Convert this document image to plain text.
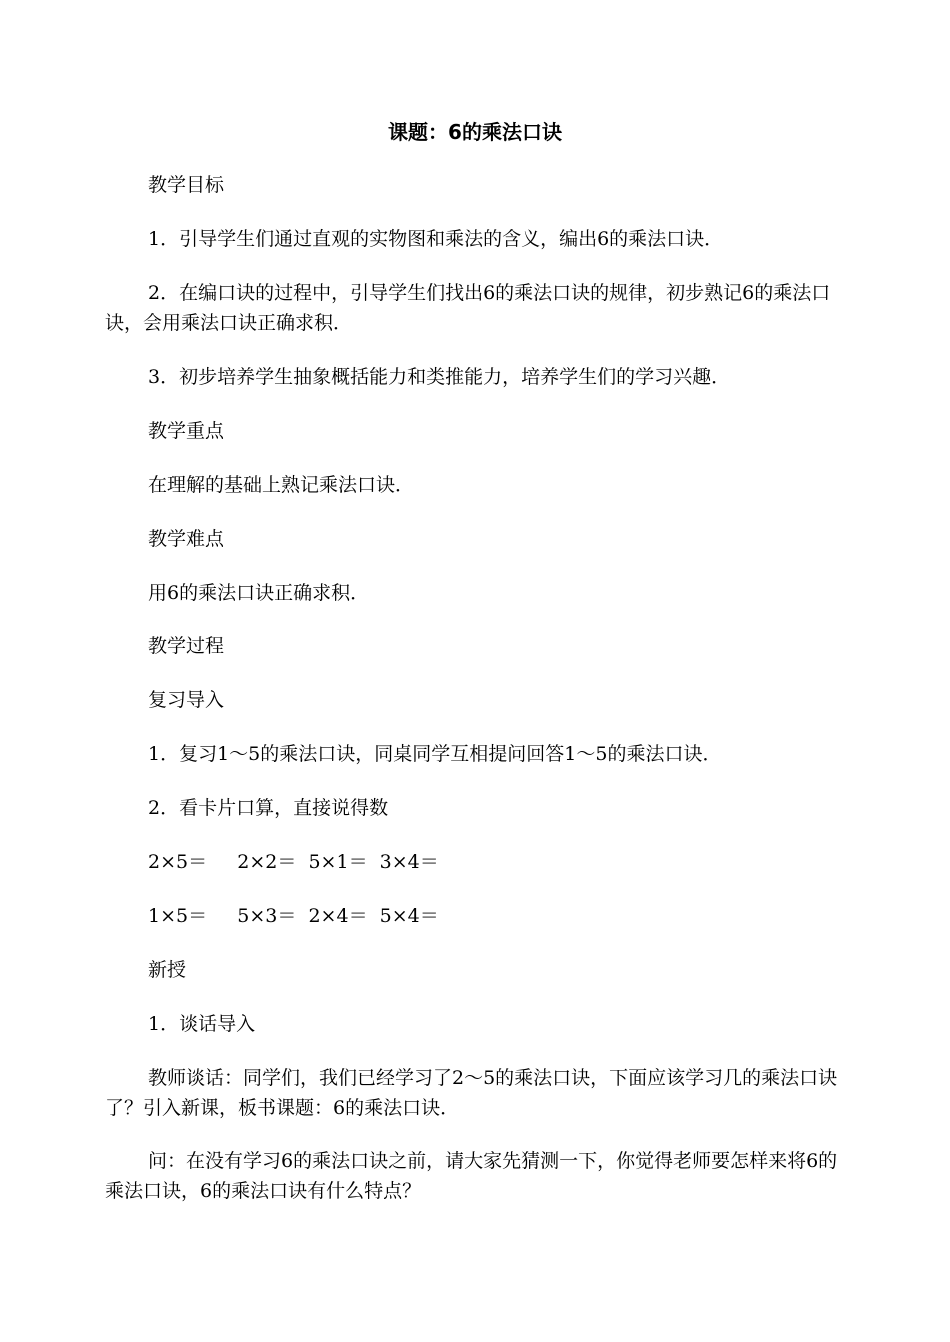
课题：6的乘法口诀
教学目标
1．引导学生们通过直观的实物图和乘法的含义，编出6的乘法口诀．
2．在编口诀的过程中，引导学生们找出6的乘法口诀的规律，初步熟记6的乘法口诀，会用乘法口诀正确求积．
3．初步培养学生抽象概括能力和类推能力，培养学生们的学习兴趣．
教学重点
在理解的基础上熟记乘法口诀．
教学难点
用6的乘法口诀正确求积．
教学过程
复习导入
1．复习1～5的乘法口诀，同桌同学互相提问回答1～5的乘法口诀．
2．看卡片口算，直接说得数
2×5＝     2×2＝  5×1＝  3×4＝
1×5＝     5×3＝  2×4＝  5×4＝
新授
1．谈话导入
教师谈话：同学们，我们已经学习了2～5的乘法口诀，下面应该学习几的乘法口诀了？引入新课，板书课题：6的乘法口诀．
问：在没有学习6的乘法口诀之前，请大家先猜测一下，你觉得老师要怎样来将6的乘法口诀，6的乘法口诀有什么特点？
